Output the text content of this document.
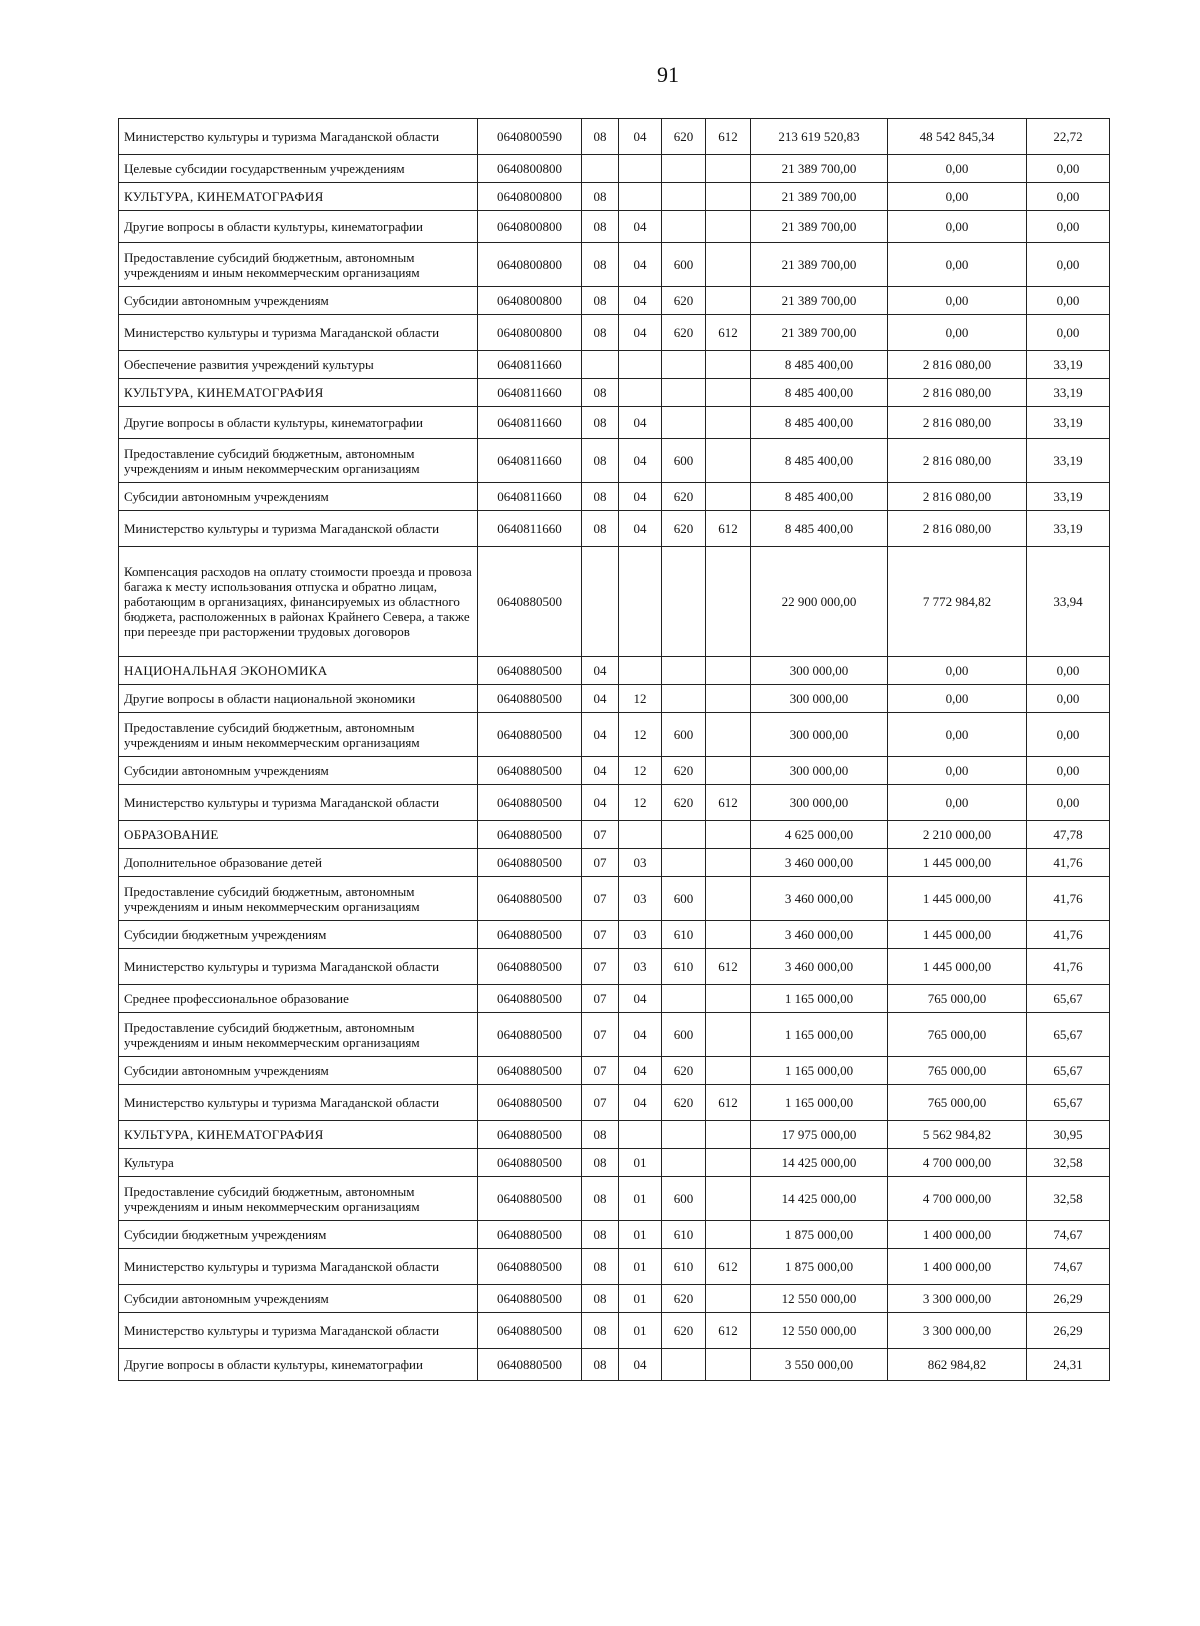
91
Министерство культуры и туризма Магаданской области	0640800590	08	04	620	612	213 619 520,83	48 542 845,34	22,72
Целевые субсидии государственным учреждениям	0640800800					21 389 700,00	0,00	0,00
КУЛЬТУРА, КИНЕМАТОГРАФИЯ	0640800800	08				21 389 700,00	0,00	0,00
Другие вопросы в области культуры, кинематографии	0640800800	08	04			21 389 700,00	0,00	0,00
Предоставление субсидий бюджетным, автономным учреждениям и иным некоммерческим организациям	0640800800	08	04	600		21 389 700,00	0,00	0,00
Субсидии автономным учреждениям	0640800800	08	04	620		21 389 700,00	0,00	0,00
Министерство культуры и туризма Магаданской области	0640800800	08	04	620	612	21 389 700,00	0,00	0,00
Обеспечение развития учреждений культуры	0640811660					8 485 400,00	2 816 080,00	33,19
КУЛЬТУРА, КИНЕМАТОГРАФИЯ	0640811660	08				8 485 400,00	2 816 080,00	33,19
Другие вопросы в области культуры, кинематографии	0640811660	08	04			8 485 400,00	2 816 080,00	33,19
Предоставление субсидий бюджетным, автономным учреждениям и иным некоммерческим организациям	0640811660	08	04	600		8 485 400,00	2 816 080,00	33,19
Субсидии автономным учреждениям	0640811660	08	04	620		8 485 400,00	2 816 080,00	33,19
Министерство культуры и туризма Магаданской области	0640811660	08	04	620	612	8 485 400,00	2 816 080,00	33,19
Компенсация расходов на оплату стоимости проезда и провоза багажа к месту использования отпуска и обратно лицам, работающим в организациях, финансируемых из областного бюджета, расположенных в районах Крайнего Севера, а также при переезде при расторжении трудовых договоров	0640880500					22 900 000,00	7 772 984,82	33,94
НАЦИОНАЛЬНАЯ ЭКОНОМИКА	0640880500	04				300 000,00	0,00	0,00
Другие вопросы в области национальной экономики	0640880500	04	12			300 000,00	0,00	0,00
Предоставление субсидий бюджетным, автономным учреждениям и иным некоммерческим организациям	0640880500	04	12	600		300 000,00	0,00	0,00
Субсидии автономным учреждениям	0640880500	04	12	620		300 000,00	0,00	0,00
Министерство культуры и туризма Магаданской области	0640880500	04	12	620	612	300 000,00	0,00	0,00
ОБРАЗОВАНИЕ	0640880500	07				4 625 000,00	2 210 000,00	47,78
Дополнительное образование детей	0640880500	07	03			3 460 000,00	1 445 000,00	41,76
Предоставление субсидий бюджетным, автономным учреждениям и иным некоммерческим организациям	0640880500	07	03	600		3 460 000,00	1 445 000,00	41,76
Субсидии бюджетным учреждениям	0640880500	07	03	610		3 460 000,00	1 445 000,00	41,76
Министерство культуры и туризма Магаданской области	0640880500	07	03	610	612	3 460 000,00	1 445 000,00	41,76
Среднее профессиональное образование	0640880500	07	04			1 165 000,00	765 000,00	65,67
Предоставление субсидий бюджетным, автономным учреждениям и иным некоммерческим организациям	0640880500	07	04	600		1 165 000,00	765 000,00	65,67
Субсидии автономным учреждениям	0640880500	07	04	620		1 165 000,00	765 000,00	65,67
Министерство культуры и туризма Магаданской области	0640880500	07	04	620	612	1 165 000,00	765 000,00	65,67
КУЛЬТУРА, КИНЕМАТОГРАФИЯ	0640880500	08				17 975 000,00	5 562 984,82	30,95
Культура	0640880500	08	01			14 425 000,00	4 700 000,00	32,58
Предоставление субсидий бюджетным, автономным учреждениям и иным некоммерческим организациям	0640880500	08	01	600		14 425 000,00	4 700 000,00	32,58
Субсидии бюджетным учреждениям	0640880500	08	01	610		1 875 000,00	1 400 000,00	74,67
Министерство культуры и туризма Магаданской области	0640880500	08	01	610	612	1 875 000,00	1 400 000,00	74,67
Субсидии автономным учреждениям	0640880500	08	01	620		12 550 000,00	3 300 000,00	26,29
Министерство культуры и туризма Магаданской области	0640880500	08	01	620	612	12 550 000,00	3 300 000,00	26,29
Другие вопросы в области культуры, кинематографии	0640880500	08	04			3 550 000,00	862 984,82	24,31
